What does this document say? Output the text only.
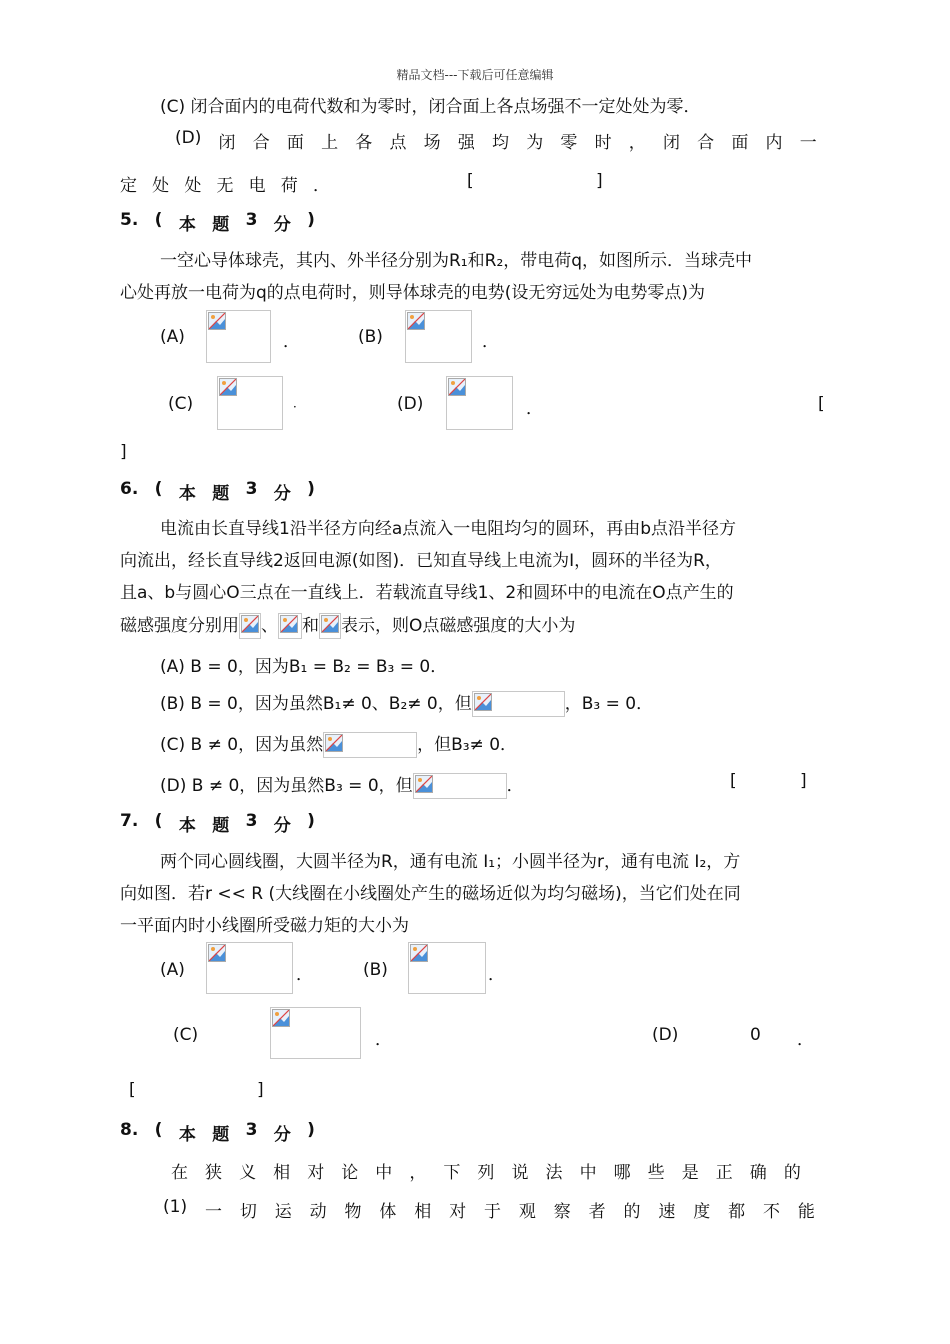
精品文档---下载后可任意编辑
(C) 闭合面内的电荷代数和为零时，闭合面上各点场强不一定处处为零．
(D) 闭 合 面 上 各 点 场 强 均 为 零 时 ， 闭 合 面 内 一
定 处 处 无 电 荷 ．	[	]
5. ( 本 题 3 分 )
一空心导体球壳，其内、外半径分别为R₁和R₂，带电荷q，如图所示．当球壳中
心处再放一电荷为q的点电荷时，则导体球壳的电势(设无穷远处为电势零点)为
(A)	．	(B)	．
(C)	．	(D)	．	[
]
6. ( 本 题 3 分 )
电流由长直导线1沿半径方向经a点流入一电阻均匀的圆环，再由b点沿半径方
向流出，经长直导线2返回电源(如图)．已知直导线上电流为I，圆环的半径为R，
且a、b与圆心O三点在一直线上．若载流直导线1、2和圆环中的电流在O点产生的
磁感强度分别用 、 和 表示，则O点磁感强度的大小为
(A) B = 0，因为B₁ = B₂ = B₃ = 0．
(B) B = 0，因为虽然B₁≠ 0、B₂≠ 0，但	，B₃ = 0．
(C) B ≠ 0，因为虽然	，但B₃≠ 0．
(D) B ≠ 0，因为虽然B₃ = 0，但	．	[	]
7. ( 本 题 3 分 )
两个同心圆线圈，大圆半径为R，通有电流 I₁；小圆半径为r，通有电流 I₂，方
向如图．若r << R (大线圈在小线圈处产生的磁场近似为均匀磁场)，当它们处在同
一平面内时小线圈所受磁力矩的大小为
(A)	．	(B)	．
(C)	．	(D)	0 ．
[	]
8. ( 本 题 3 分 )
在 狭 义 相 对 论 中 ， 下 列 说 法 中 哪 些 是 正 确 的
(1) 一 切 运 动 物 体 相 对 于 观 察 者 的 速 度 都 不 能
